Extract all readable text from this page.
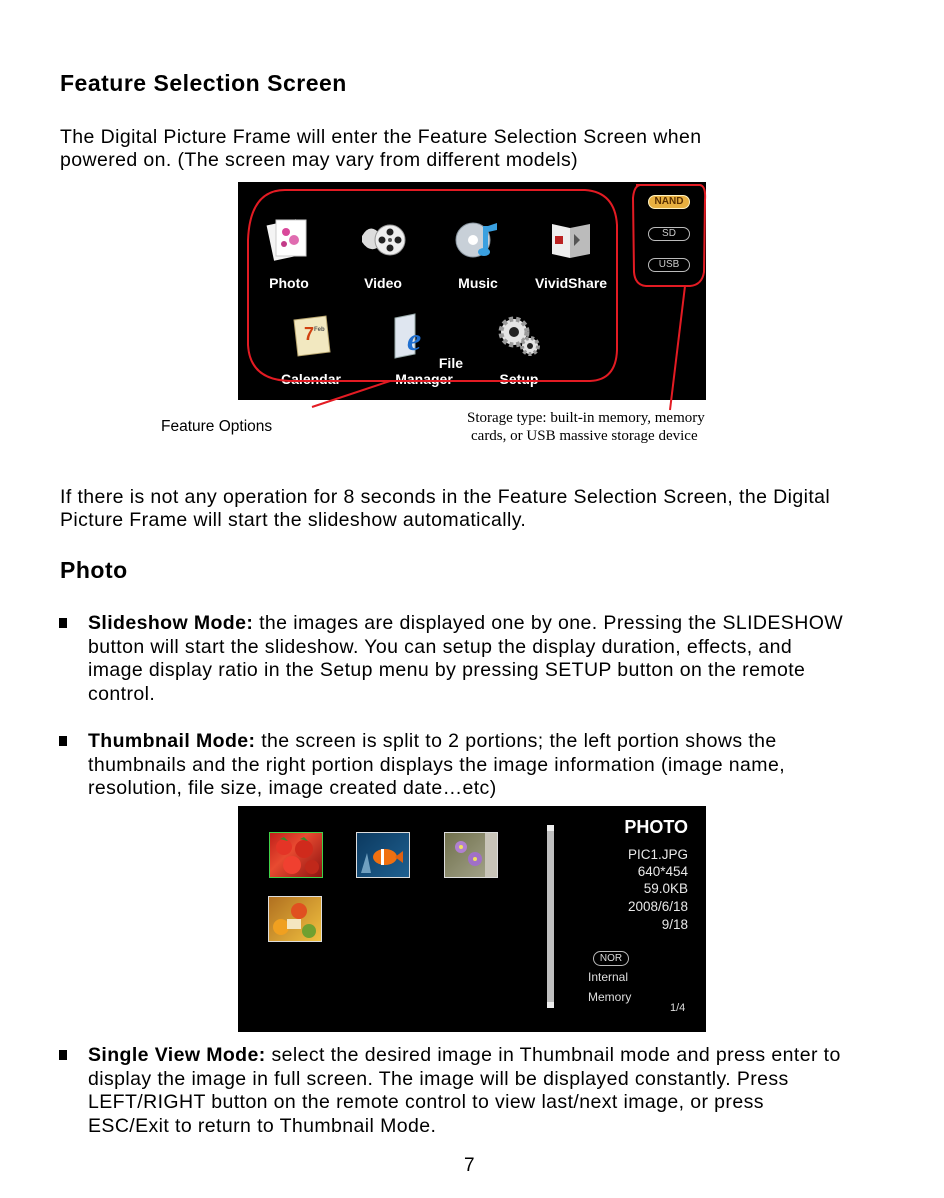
Feature Selection Screen
The Digital Picture Frame will enter the Feature Selection Screen when
powered on. (The screen may vary from different models)
Photo	Video	Music	VividShare
7 Feb
Calendar
e
File Manager	Setup
NAND
SD
USB
Feature Options	Storage type: built-in memory, memory
cards, or USB massive storage device
If there is not any operation for 8 seconds in the Feature Selection Screen, the Digital
Picture Frame will start the slideshow automatically.
Photo
Slideshow Mode: the images are displayed one by one. Pressing the SLIDESHOW
button will start the slideshow. You can setup the display duration, effects, and
image display ratio in the Setup menu by pressing SETUP button on the remote
control.
Thumbnail Mode: the screen is split to 2 portions; the left portion shows the
thumbnails and the right portion displays the image information (image name,
resolution, file size, image created date…etc)
PHOTO
PIC1.JPG
640*454
59.0KB
2008/6/18
9/18
NOR
Internal
Memory
1/4
Single View Mode: select the desired image in Thumbnail mode and press enter to
display the image in full screen. The image will be displayed constantly. Press
LEFT/RIGHT button on the remote control to view last/next image, or press
ESC/Exit to return to Thumbnail Mode.
7
